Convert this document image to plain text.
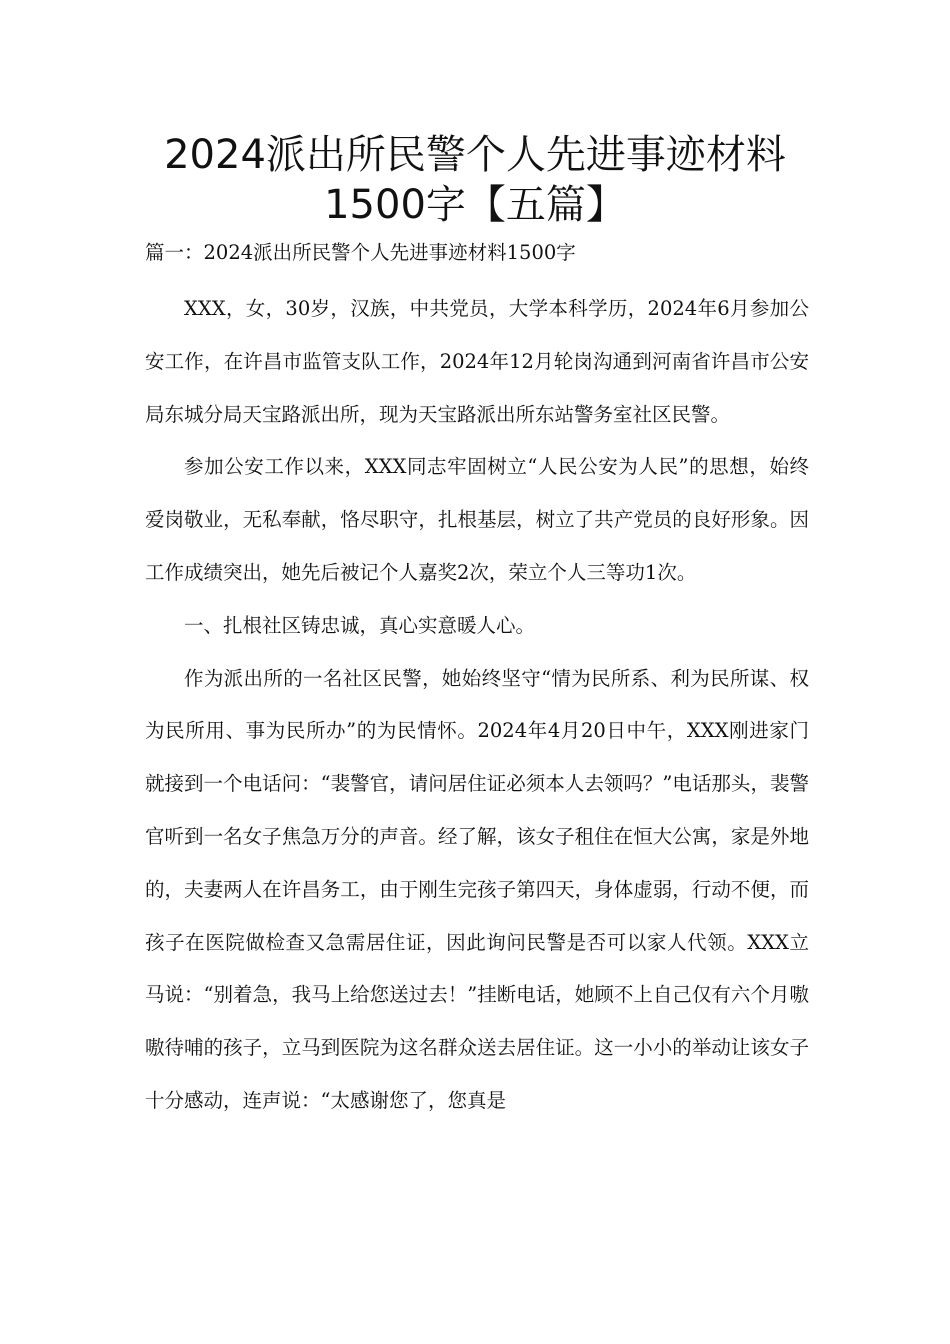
2024派出所民警个人先进事迹材料
1500字【五篇】
篇一：2024派出所民警个人先进事迹材料1500字

XXX，女，30岁，汉族，中共党员，大学本科学历，2024年6月参加公安工作，在许昌市监管支队工作，2024年12月轮岗沟通到河南省许昌市公安局东城分局天宝路派出所，现为天宝路派出所东站警务室社区民警。

参加公安工作以来，XXX同志牢固树立“人民公安为人民”的思想，始终爱岗敬业，无私奉献，恪尽职守，扎根基层，树立了共产党员的良好形象。因工作成绩突出，她先后被记个人嘉奖2次，荣立个人三等功1次。

一、扎根社区铸忠诚，真心实意暖人心。

作为派出所的一名社区民警，她始终坚守“情为民所系、利为民所谋、权为民所用、事为民所办”的为民情怀。2024年4月20日中午，XXX刚进家门就接到一个电话问：“裴警官，请问居住证必须本人去领吗？”电话那头，裴警官听到一名女子焦急万分的声音。经了解，该女子租住在恒大公寓，家是外地的，夫妻两人在许昌务工，由于刚生完孩子第四天，身体虚弱，行动不便，而孩子在医院做检查又急需居住证，因此询问民警是否可以家人代领。XXX立马说：“别着急，我马上给您送过去！”挂断电话，她顾不上自己仅有六个月嗷嗷待哺的孩子，立马到医院为这名群众送去居住证。这一小小的举动让该女子十分感动，连声说：“太感谢您了，您真是
